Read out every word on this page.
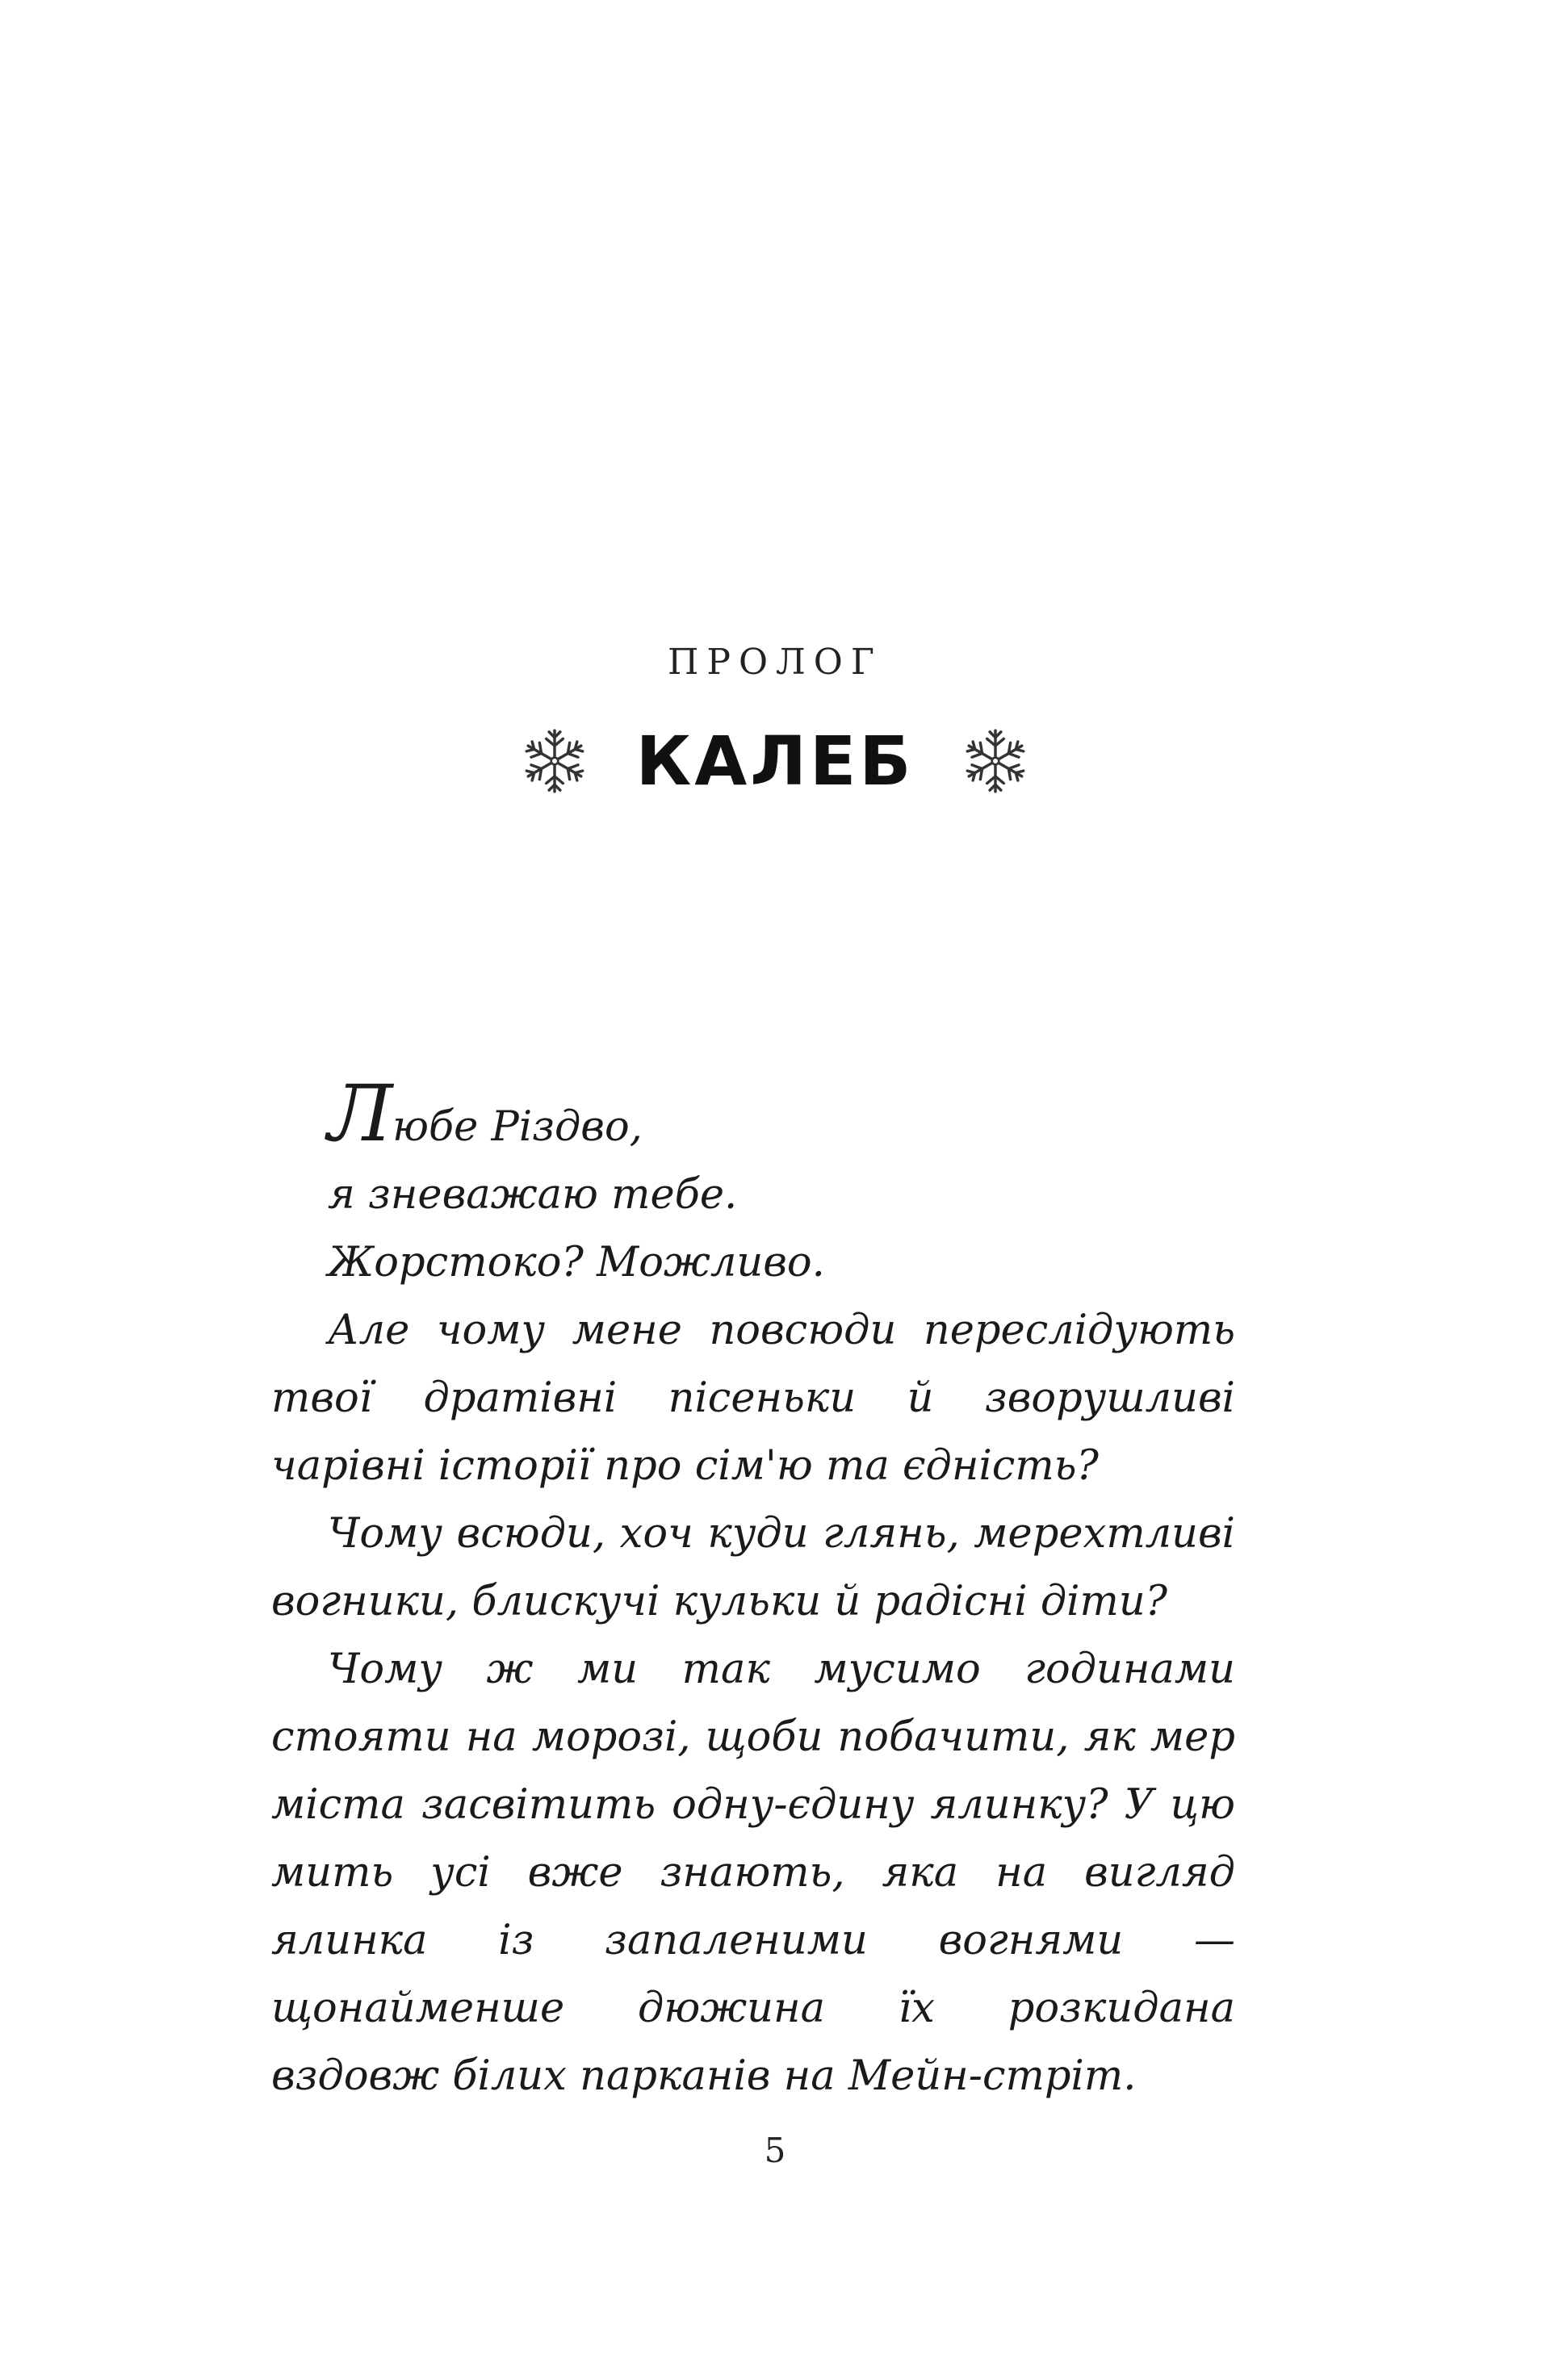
ПРОЛОГ
КАЛЕБ

Любе Різдво,

я зневажаю тебе.

Жорстоко? Можливо.

Але чому мене повсюди переслідують твої дратівні пісеньки й зворушливі чарівні історії про сім'ю та єдність?

Чому всюди, хоч куди глянь, мерехтливі вогники, блискучі кульки й радісні діти?

Чому ж ми так мусимо годинами стояти на морозі, щоби побачити, як мер міста засвітить одну-єдину ялинку? У цю мить усі вже знають, яка на вигляд ялинка із запаленими вогнями — щонайменше дюжина їх розкидана вздовж білих парканів на Мейн-стріт.

5
